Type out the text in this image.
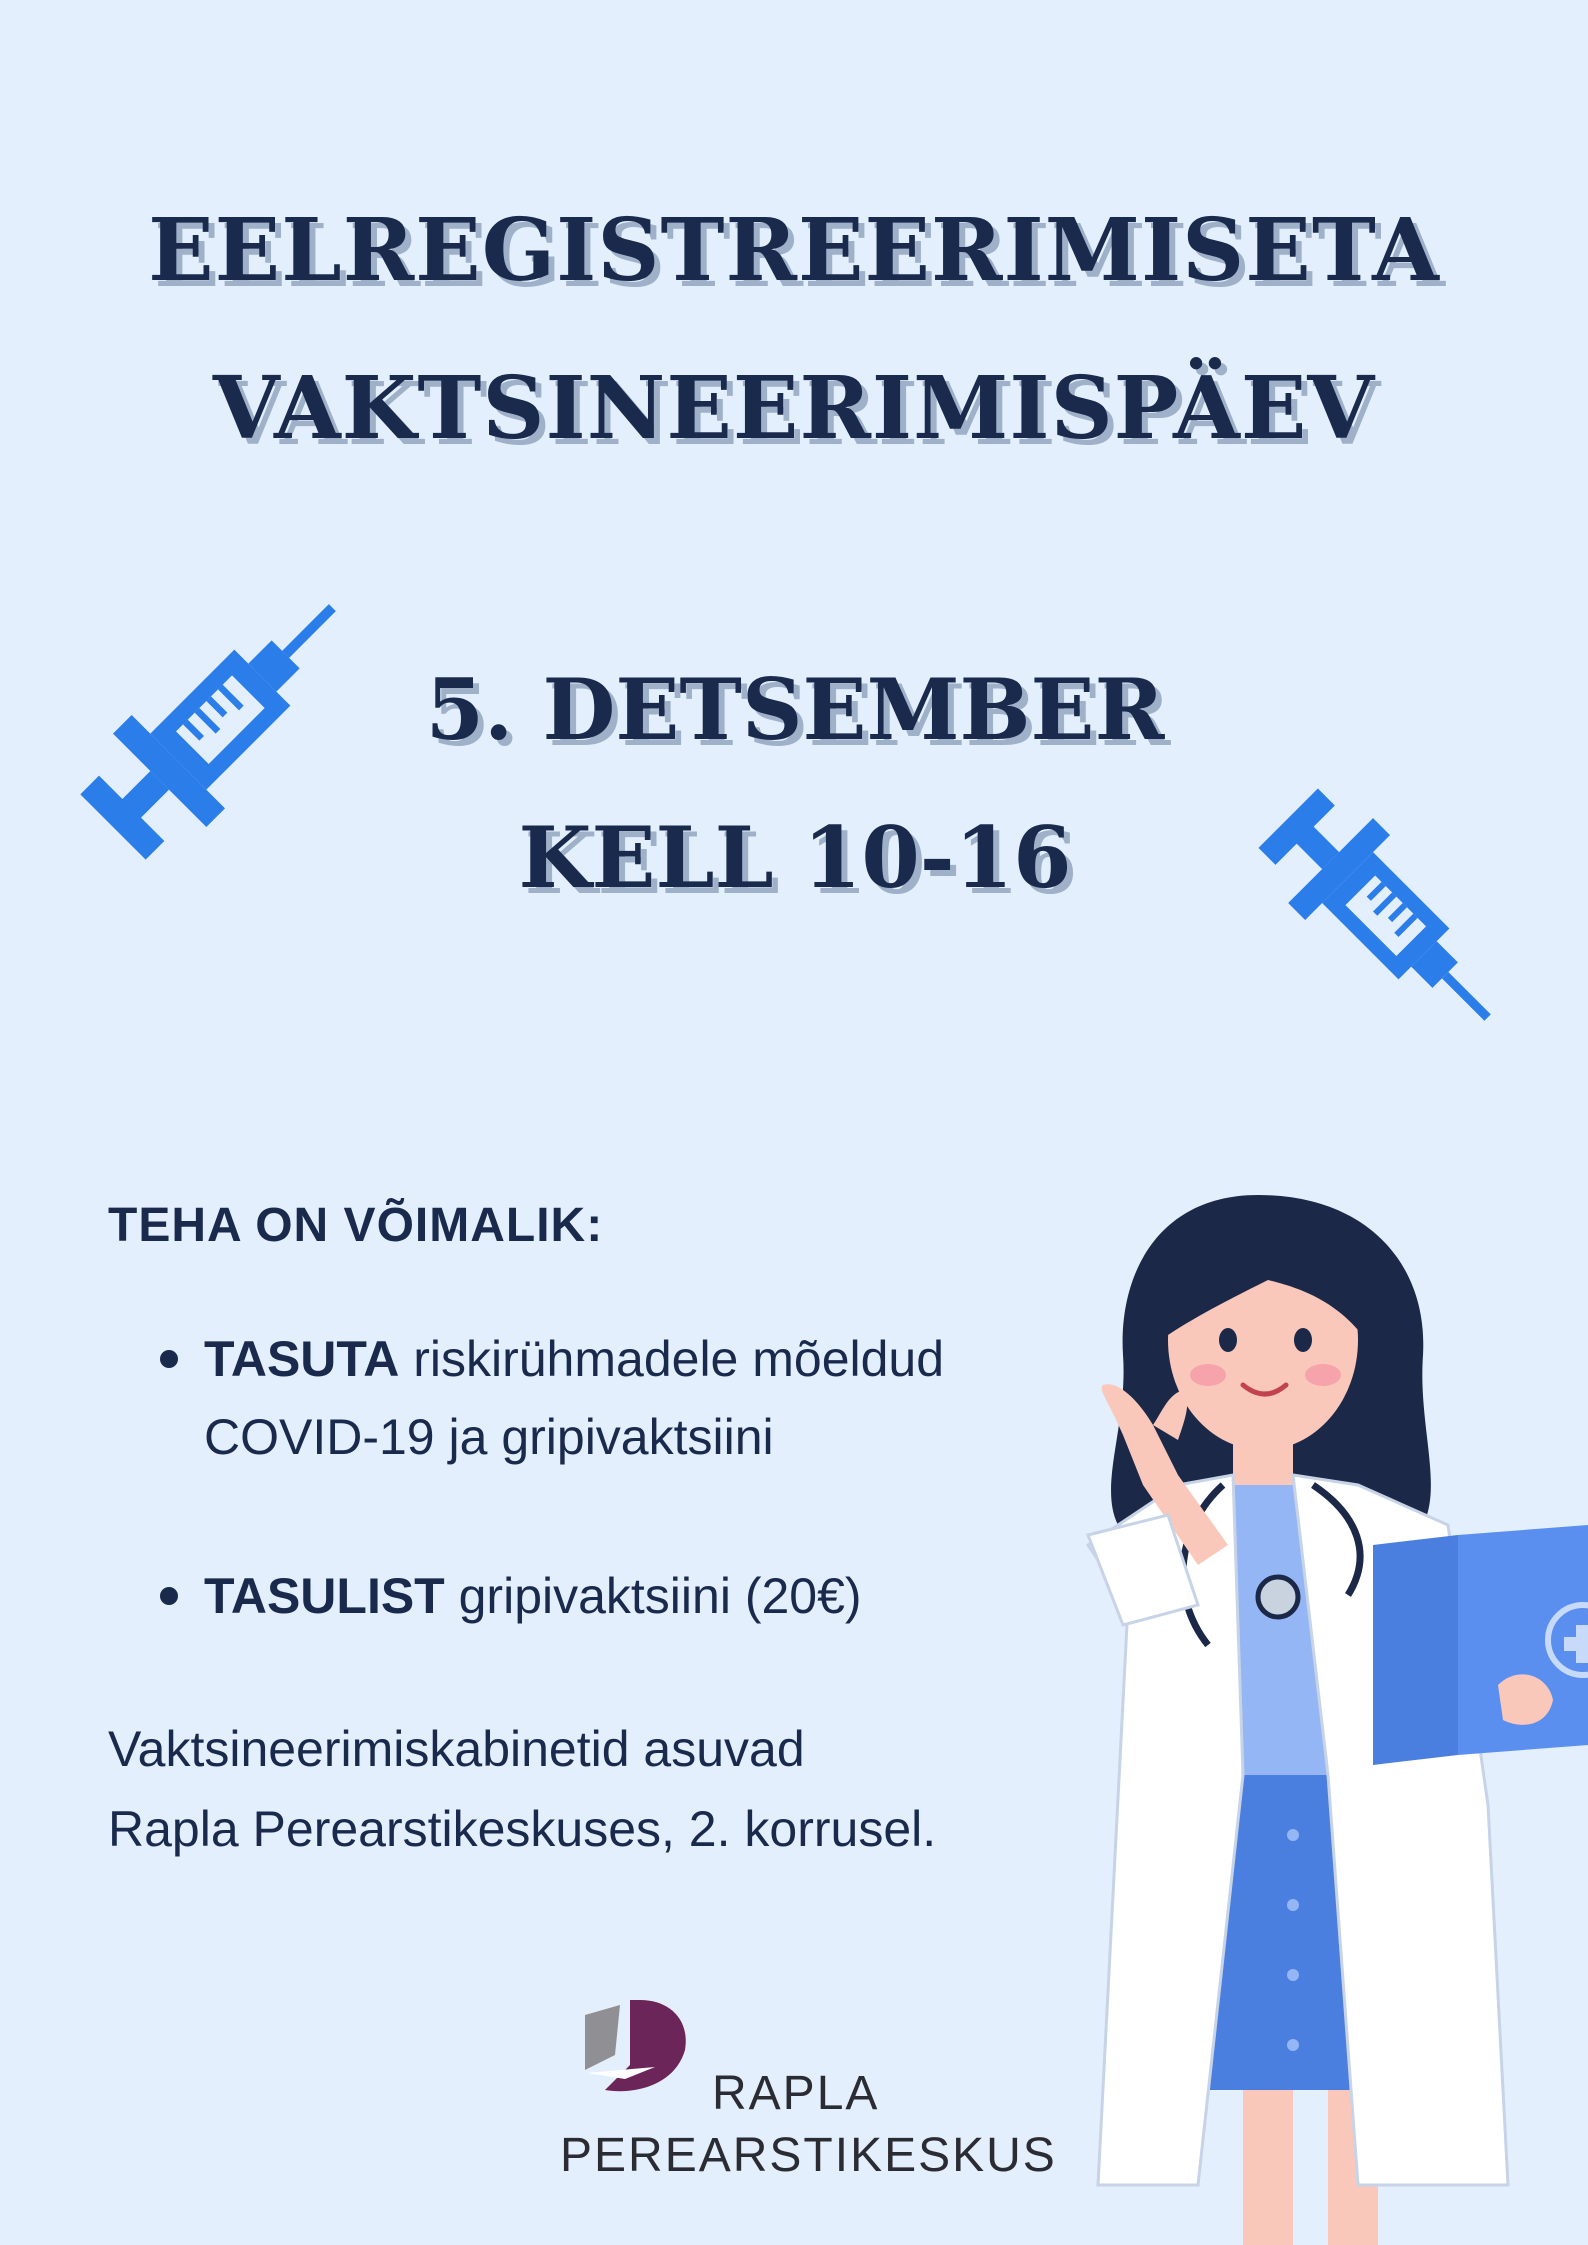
EELREGISTREERIMISETA
VAKTSINEERIMISPÄEV
5. DETSEMBER
KELL 10-16
TEHA ON VÕIMALIK:
TASUTA riskirühmadele mõeldud
COVID-19 ja gripivaktsiini
TASULIST gripivaktsiini (20€)
Vaktsineerimiskabinetid asuvad
Rapla Perearstikeskuses, 2. korrusel.
RAPLA
PEREARSTIKESKUS
